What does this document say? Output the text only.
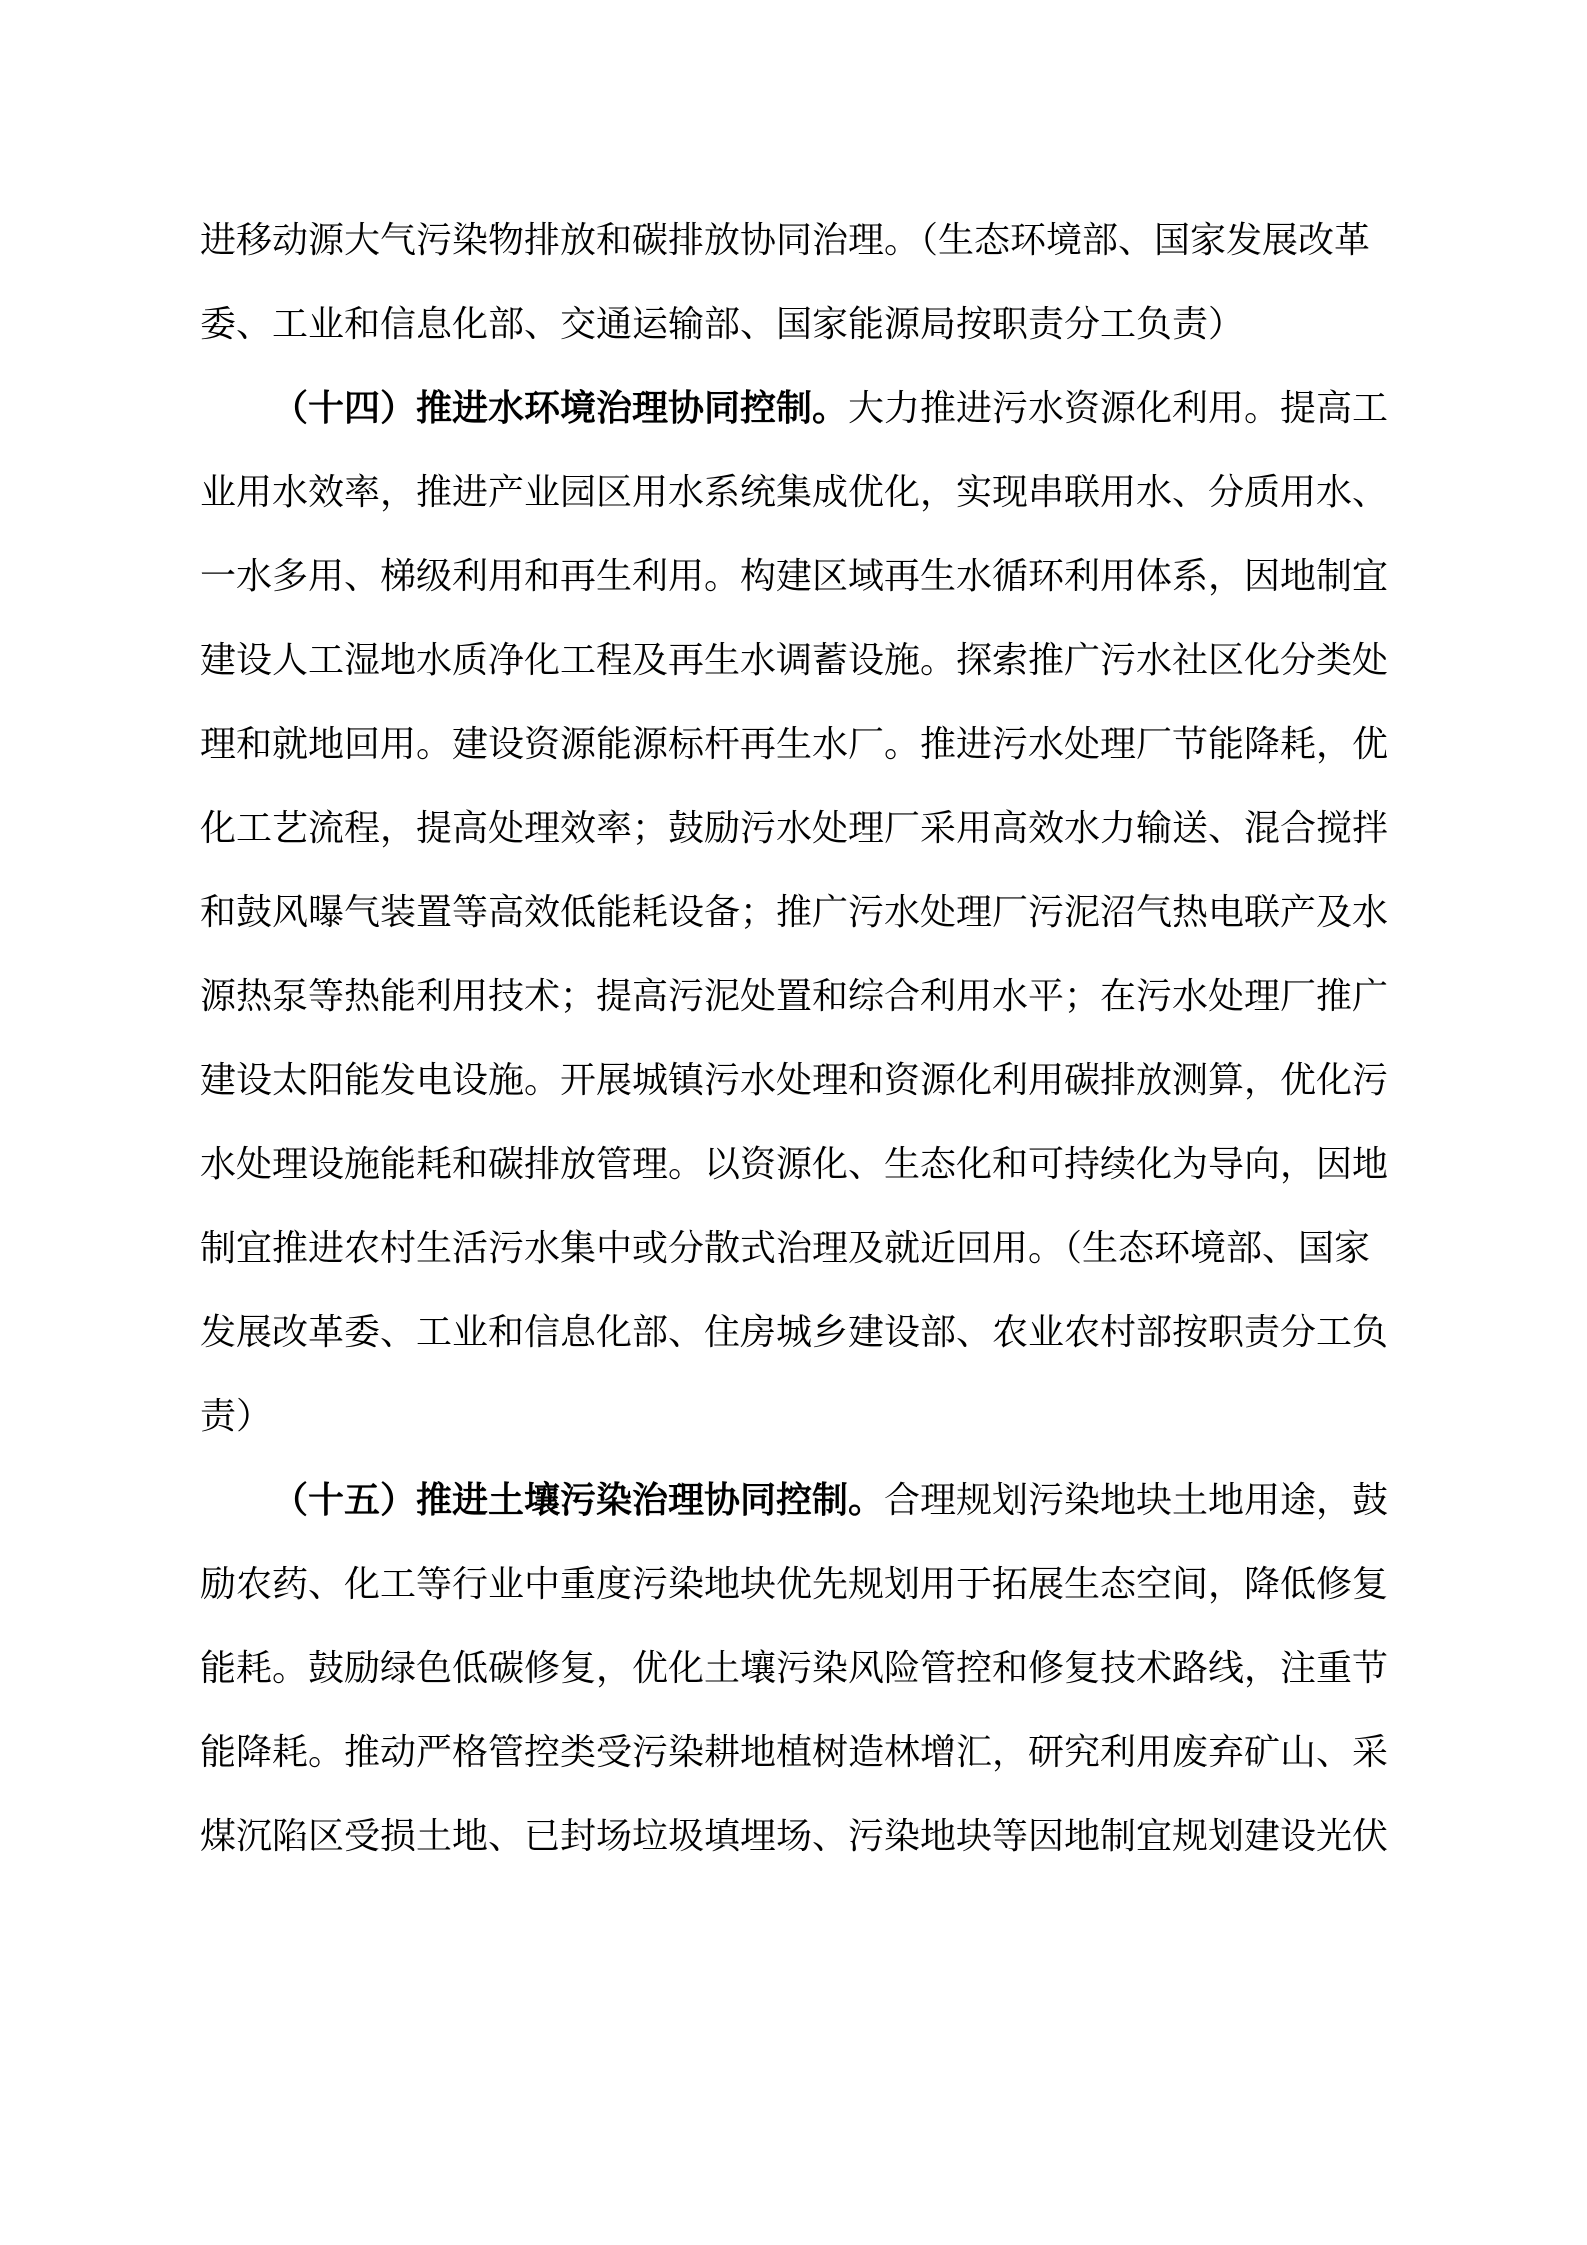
进移动源大气污染物排放和碳排放协同治理。（生态环境部、国家发展改革
委、工业和信息化部、交通运输部、国家能源局按职责分工负责）
（十四）推进水环境治理协同控制。大力推进污水资源化利用。提高工
业用水效率，推进产业园区用水系统集成优化，实现串联用水、分质用水、
一水多用、梯级利用和再生利用。构建区域再生水循环利用体系，因地制宜
建设人工湿地水质净化工程及再生水调蓄设施。探索推广污水社区化分类处
理和就地回用。建设资源能源标杆再生水厂。推进污水处理厂节能降耗，优
化工艺流程，提高处理效率；鼓励污水处理厂采用高效水力输送、混合搅拌
和鼓风曝气装置等高效低能耗设备；推广污水处理厂污泥沼气热电联产及水
源热泵等热能利用技术；提高污泥处置和综合利用水平；在污水处理厂推广
建设太阳能发电设施。开展城镇污水处理和资源化利用碳排放测算，优化污
水处理设施能耗和碳排放管理。以资源化、生态化和可持续化为导向，因地
制宜推进农村生活污水集中或分散式治理及就近回用。（生态环境部、国家
发展改革委、工业和信息化部、住房城乡建设部、农业农村部按职责分工负
责）
（十五）推进土壤污染治理协同控制。合理规划污染地块土地用途，鼓
励农药、化工等行业中重度污染地块优先规划用于拓展生态空间，降低修复
能耗。鼓励绿色低碳修复，优化土壤污染风险管控和修复技术路线，注重节
能降耗。推动严格管控类受污染耕地植树造林增汇，研究利用废弃矿山、采
煤沉陷区受损土地、已封场垃圾填埋场、污染地块等因地制宜规划建设光伏
